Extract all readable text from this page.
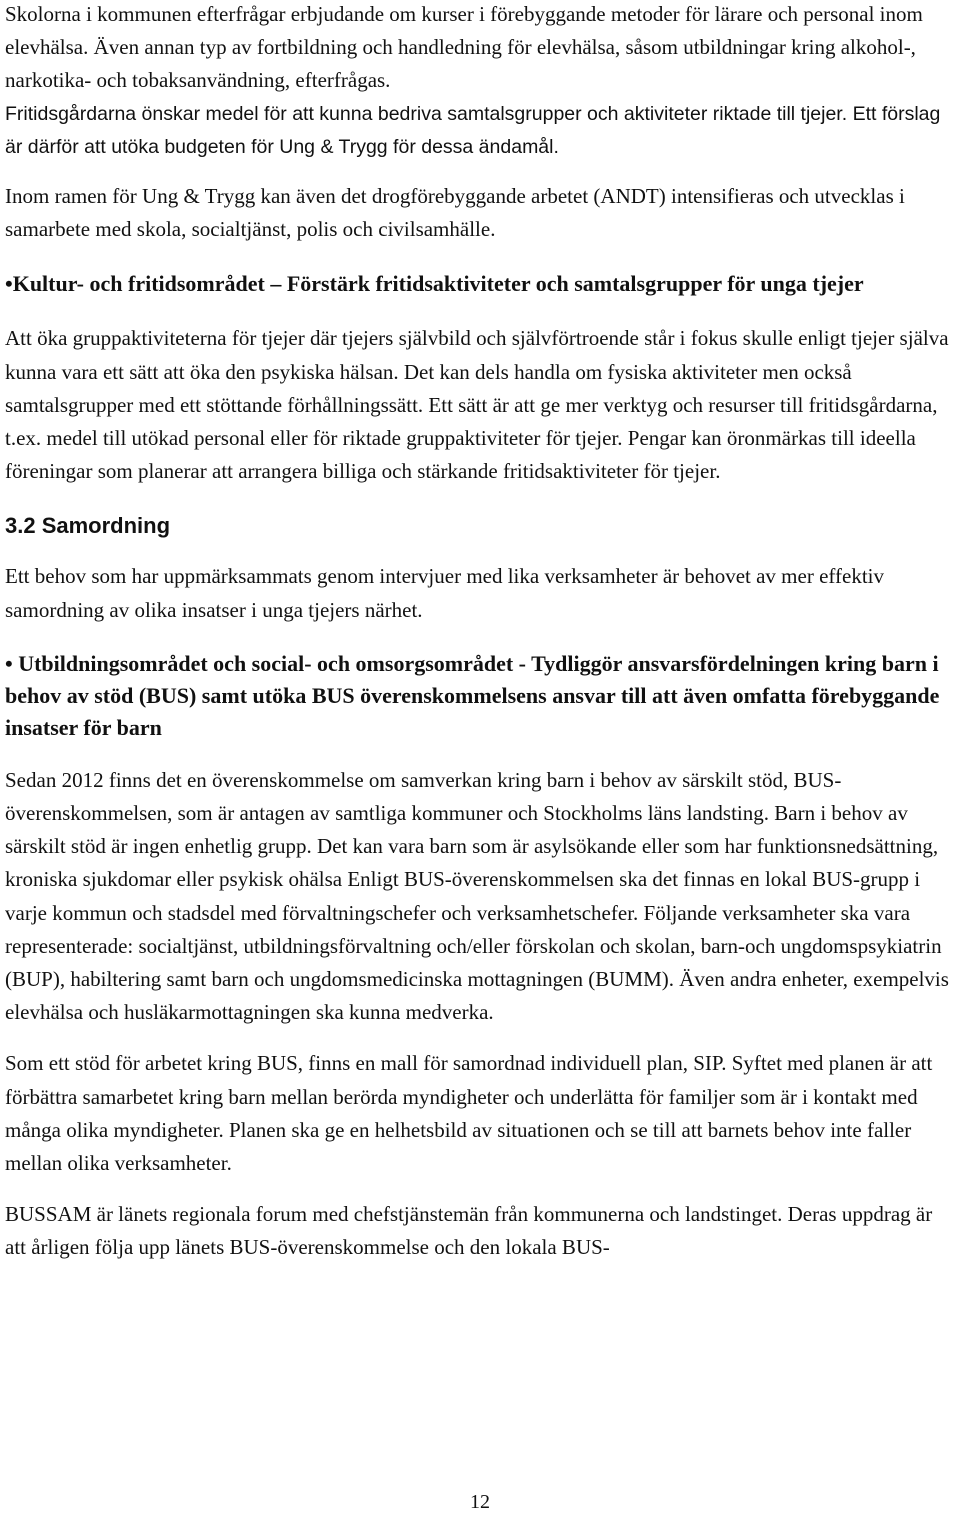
Skolorna i kommunen efterfrågar erbjudande om kurser i förebyggande metoder för lärare och personal inom elevhälsa. Även annan typ av fortbildning och handledning för elevhälsa, såsom utbildningar kring alkohol-, narkotika- och tobaksanvändning, efterfrågas.

Fritidsgårdarna önskar medel för att kunna bedriva samtalsgrupper och aktiviteter riktade till tjejer. Ett förslag är därför att utöka budgeten för Ung & Trygg för dessa ändamål.

Inom ramen för Ung & Trygg kan även det drogförebyggande arbetet (ANDT) intensifieras och utvecklas i samarbete med skola, socialtjänst, polis och civilsamhälle.

•Kultur- och fritidsområdet – Förstärk fritidsaktiviteter och samtalsgrupper för unga tjejer

Att öka gruppaktiviteterna för tjejer där tjejers självbild och självförtroende står i fokus skulle enligt tjejer själva kunna vara ett sätt att öka den psykiska hälsan. Det kan dels handla om fysiska aktiviteter men också samtalsgrupper med ett stöttande förhållningssätt. Ett sätt är att ge mer verktyg och resurser till fritidsgårdarna, t.ex. medel till utökad personal eller för riktade gruppaktiviteter för tjejer. Pengar kan öronmärkas till ideella föreningar som planerar att arrangera billiga och stärkande fritidsaktiviteter för tjejer.

3.2 Samordning

Ett behov som har uppmärksammats genom intervjuer med lika verksamheter är behovet av mer effektiv samordning av olika insatser i unga tjejers närhet.

• Utbildningsområdet och social- och omsorgsområdet - Tydliggör ansvarsfördelningen kring barn i behov av stöd (BUS) samt utöka BUS överenskommelsens ansvar till att även omfatta förebyggande insatser för barn

Sedan 2012 finns det en överenskommelse om samverkan kring barn i behov av särskilt stöd, BUS-överenskommelsen, som är antagen av samtliga kommuner och Stockholms läns landsting. Barn i behov av särskilt stöd är ingen enhetlig grupp. Det kan vara barn som är asylsökande eller som har funktionsnedsättning, kroniska sjukdomar eller psykisk ohälsa Enligt BUS-överenskommelsen ska det finnas en lokal BUS-grupp i varje kommun och stadsdel med förvaltningschefer och verksamhetschefer. Följande verksamheter ska vara representerade: socialtjänst, utbildningsförvaltning och/eller förskolan och skolan, barn-och ungdomspsykiatrin (BUP), habiltering samt barn och ungdomsmedicinska mottagningen (BUMM). Även andra enheter, exempelvis elevhälsa och husläkarmottagningen ska kunna medverka.

Som ett stöd för arbetet kring BUS, finns en mall för samordnad individuell plan, SIP. Syftet med planen är att förbättra samarbetet kring barn mellan berörda myndigheter och underlätta för familjer som är i kontakt med många olika myndigheter. Planen ska ge en helhetsbild av situationen och se till att barnets behov inte faller mellan olika verksamheter.

BUSSAM är länets regionala forum med chefstjänstemän från kommunerna och landstinget. Deras uppdrag är att årligen följa upp länets BUS-överenskommelse och den lokala BUS-

12
